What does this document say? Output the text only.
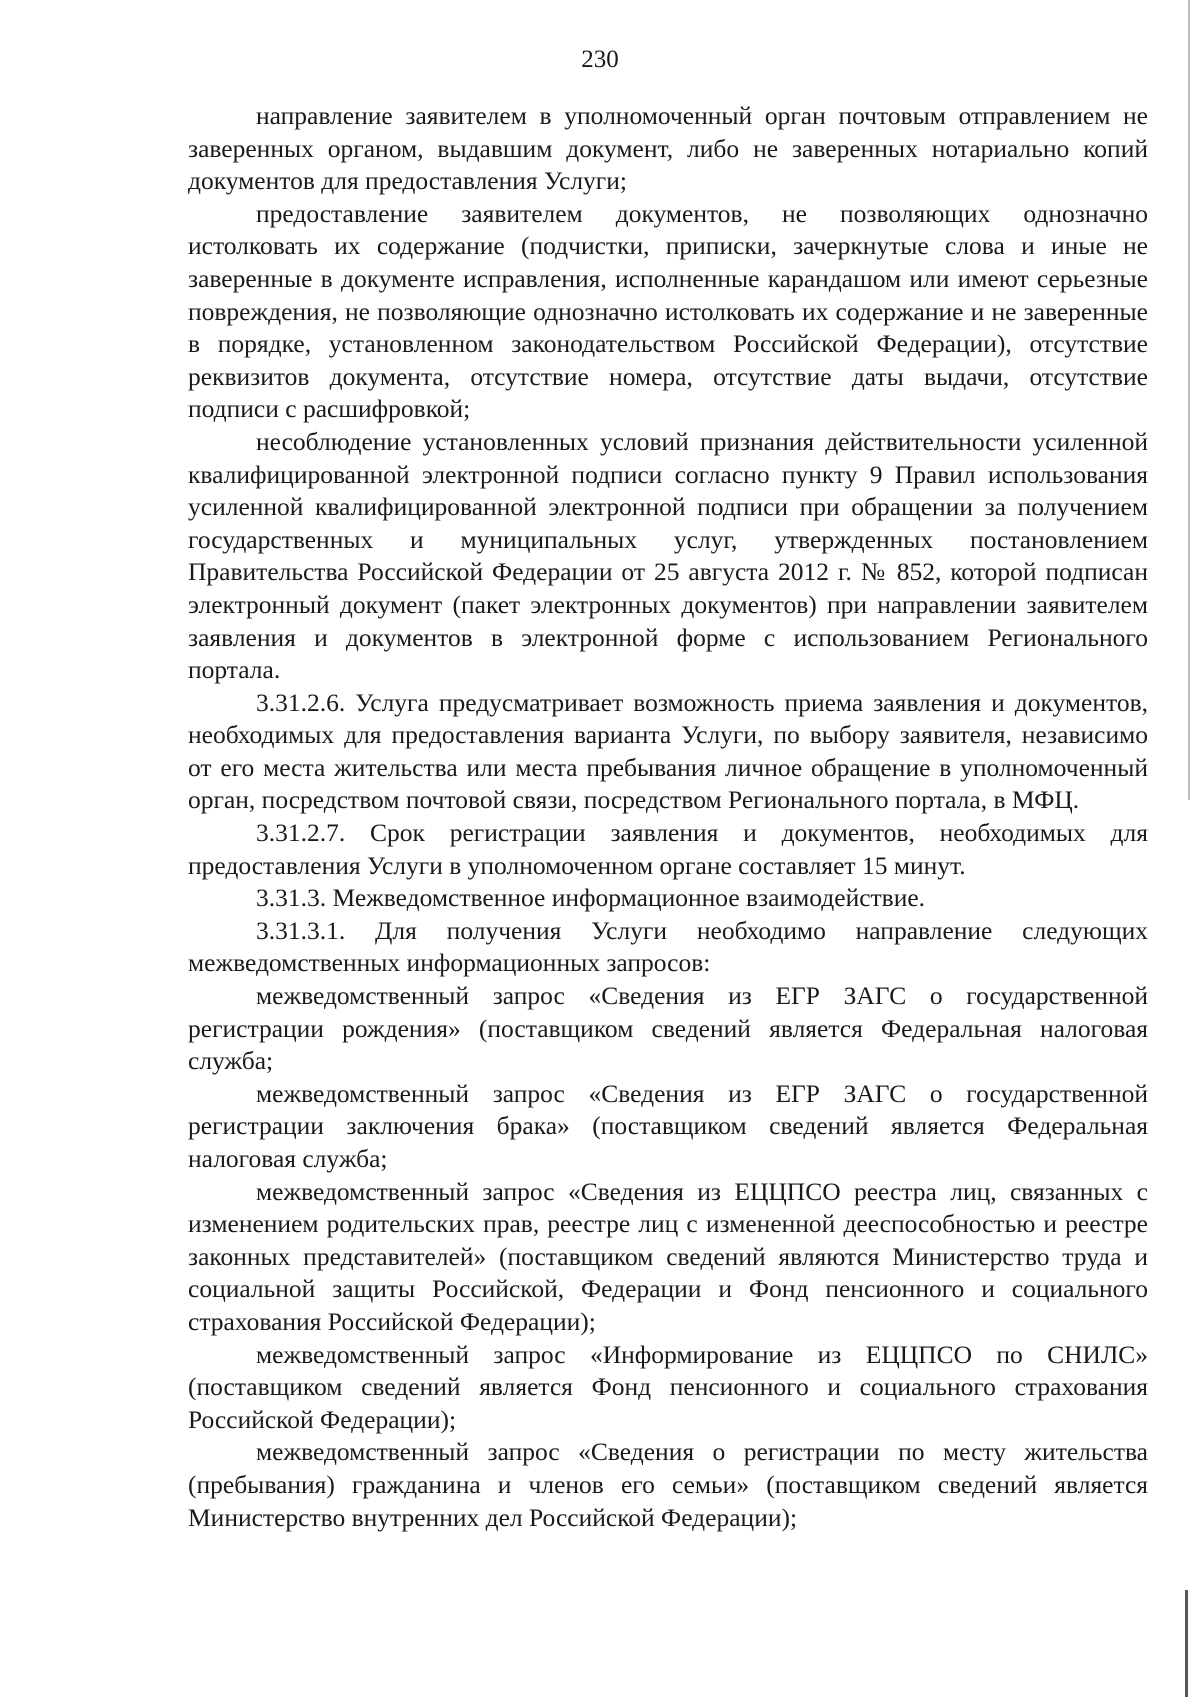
230

направление заявителем в уполномоченный орган почтовым отправлением не заверенных органом, выдавшим документ, либо не заверенных нотариально копий документов для предоставления Услуги;

предоставление заявителем документов, не позволяющих однозначно истолковать их содержание (подчистки, приписки, зачеркнутые слова и иные не заверенные в документе исправления, исполненные карандашом или имеют серьезные повреждения, не позволяющие однозначно истолковать их содержание и не заверенные в порядке, установленном законодательством Российской Федерации), отсутствие реквизитов документа, отсутствие номера, отсутствие даты выдачи, отсутствие подписи с расшифровкой;

несоблюдение установленных условий признания действительности усиленной квалифицированной электронной подписи согласно пункту 9 Правил использования усиленной квалифицированной электронной подписи при обращении за получением государственных и муниципальных услуг, утвержденных постановлением Правительства Российской Федерации от 25 августа 2012 г. № 852, которой подписан электронный документ (пакет электронных документов) при направлении заявителем заявления и документов в электронной форме с использованием Регионального портала.

3.31.2.6. Услуга предусматривает возможность приема заявления и документов, необходимых для предоставления варианта Услуги, по выбору заявителя, независимо от его места жительства или места пребывания личное обращение в уполномоченный орган, посредством почтовой связи, посредством Регионального портала, в МФЦ.

3.31.2.7. Срок регистрации заявления и документов, необходимых для предоставления Услуги в уполномоченном органе составляет 15 минут.

3.31.3. Межведомственное информационное взаимодействие.

3.31.3.1. Для получения Услуги необходимо направление следующих межведомственных информационных запросов:

межведомственный запрос «Сведения из ЕГР ЗАГС о государственной регистрации рождения» (поставщиком сведений является Федеральная налоговая служба;

межведомственный запрос «Сведения из ЕГР ЗАГС о государственной регистрации заключения брака» (поставщиком сведений является Федеральная налоговая служба;

межведомственный запрос «Сведения из ЕЦЦПСО реестра лиц, связанных с изменением родительских прав, реестре лиц с измененной дееспособностью и реестре законных представителей» (поставщиком сведений являются Министерство труда и социальной защиты Российской, Федерации и Фонд пенсионного и социального страхования Российской Федерации);

межведомственный запрос «Информирование из ЕЦЦПСО по СНИЛС» (поставщиком сведений является Фонд пенсионного и социального страхования Российской Федерации);

межведомственный запрос «Сведения о регистрации по месту жительства (пребывания) гражданина и членов его семьи» (поставщиком сведений является Министерство внутренних дел Российской Федерации);
